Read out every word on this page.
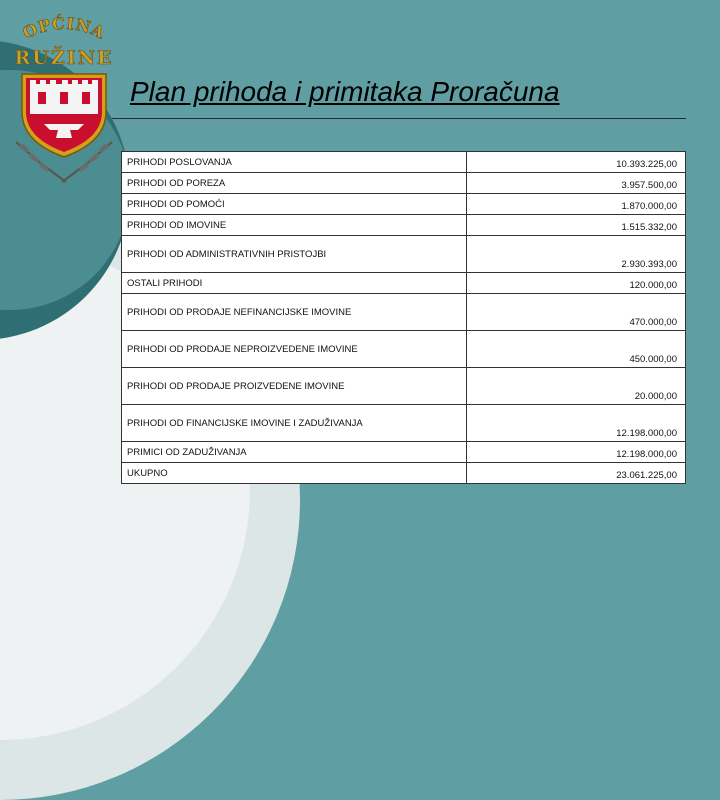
OPĆINA
RUŽINE
Plan prihoda i primitaka Proračuna
PRIHODI POSLOVANJA	10.393.225,00
PRIHODI OD POREZA	3.957.500,00
PRIHODI OD POMOĆI	1.870.000,00
PRIHODI OD IMOVINE	1.515.332,00
PRIHODI OD ADMINISTRATIVNIH PRISTOJBI	2.930.393,00
OSTALI PRIHODI	120.000,00
PRIHODI OD PRODAJE NEFINANCIJSKE IMOVINE	470.000,00
PRIHODI OD PRODAJE NEPROIZVEDENE IMOVINE	450.000,00
PRIHODI OD PRODAJE PROIZVEDENE IMOVINE	20.000,00
PRIHODI OD FINANCIJSKE IMOVINE I ZADUŽIVANJA	12.198.000,00
PRIMICI OD ZADUŽIVANJA	12.198.000,00
UKUPNO	23.061.225,00
